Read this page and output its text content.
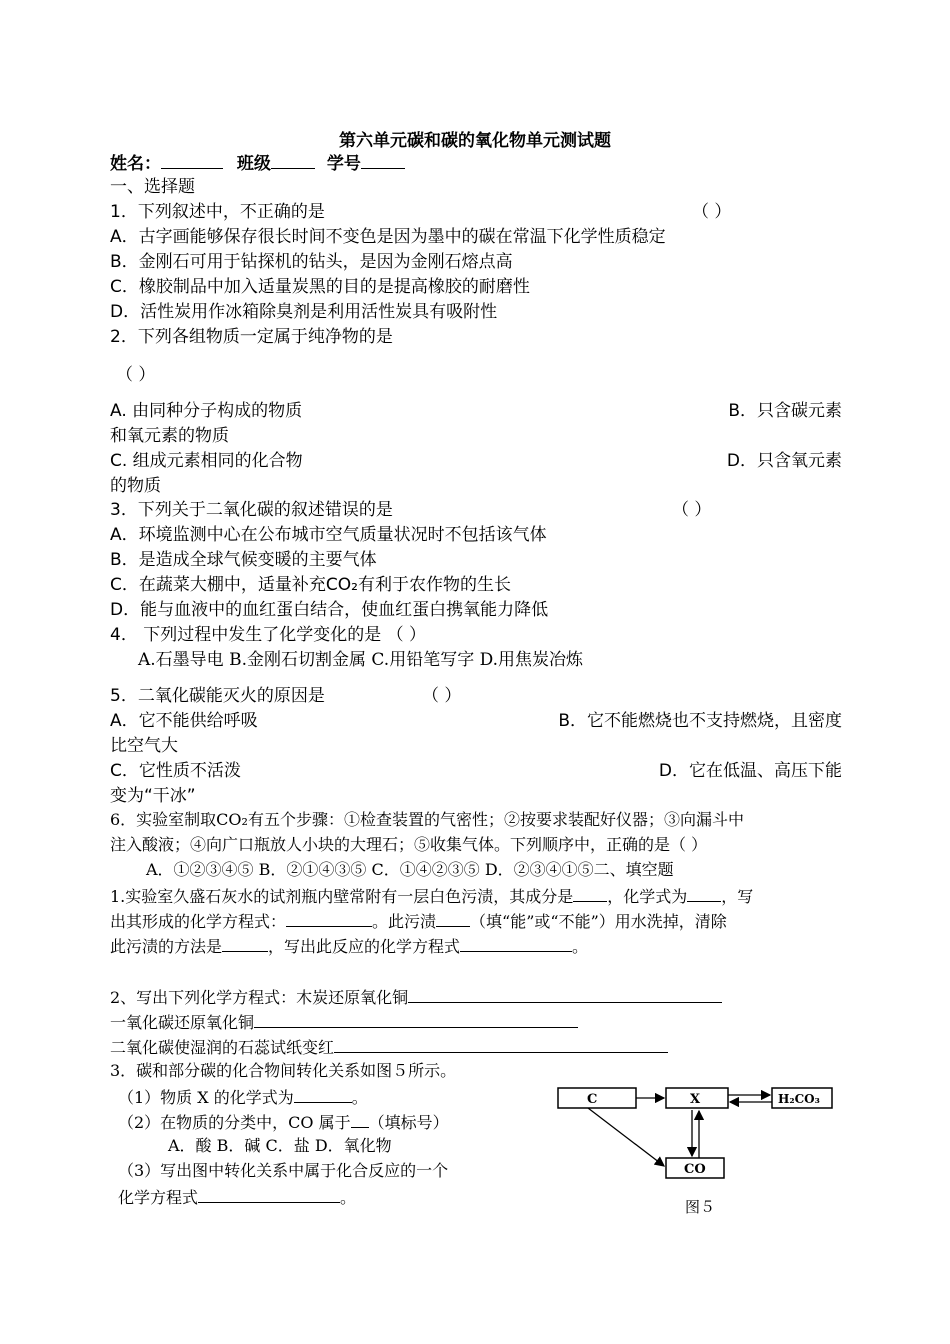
第六单元碳和碳的氧化物单元测试题
姓名：	班级	学号
一、选择题
1．下列叙述中，不正确的是	（ ）
A．古字画能够保存很长时间不变色是因为墨中的碳在常温下化学性质稳定
B．金刚石可用于钻探机的钻头，是因为金刚石熔点高
C．橡胶制品中加入适量炭黑的目的是提高橡胶的耐磨性
D．活性炭用作冰箱除臭剂是利用活性炭具有吸附性
2．下列各组物质一定属于纯净物的是
（ ）
A. 由同种分子构成的物质	B．只含碳元素
和氧元素的物质
C. 组成元素相同的化合物	D．只含氧元素
的物质
3．下列关于二氧化碳的叙述错误的是	（ ）
A．环境监测中心在公布城市空气质量状况时不包括该气体
B．是造成全球气候变暖的主要气体
C．在蔬菜大棚中，适量补充CO₂有利于农作物的生长
D．能与血液中的血红蛋白结合，使血红蛋白携氧能力降低
4． 下列过程中发生了化学变化的是 （ ）
A.石墨导电 B.金刚石切割金属 C.用铅笔写字 D.用焦炭冶炼
5．二氧化碳能灭火的原因是	（ ）
A．它不能供给呼吸	B．它不能燃烧也不支持燃烧，且密度
比空气大
C．它性质不活泼	D．它在低温、高压下能
变为“干冰”
6．实验室制取CO₂有五个步骤：①检查装置的气密性；②按要求装配好仪器；③向漏斗中
注入酸液；④向广口瓶放人小块的大理石；⑤收集气体。下列顺序中，正确的是（ ）
A．①②③④⑤ B．②①④③⑤ C．①④②③⑤ D．②③④①⑤二、填空题
1.实验室久盛石灰水的试剂瓶内壁常附有一层白色污渍，其成分是 ，化学式为 ，写
出其形成的化学方程式：	。此污渍 （填“能”或“不能”）用水洗掉，清除
此污渍的方法是	，写出此反应的化学方程式	。
2、写出下列化学方程式：木炭还原氧化铜
一氧化碳还原氧化铜
二氧化碳使湿润的石蕊试纸变红
3．碳和部分碳的化合物间转化关系如图５所示。
（1）物质 X 的化学式为	。
（2）在物质的分类中，CO 属于 （填标号）
A．酸 B．碱 C．盐 D．氧化物
（3）写出图中转化关系中属于化合反应的一个
化学方程式	。
C	X	H₂CO₃
CO
图５
